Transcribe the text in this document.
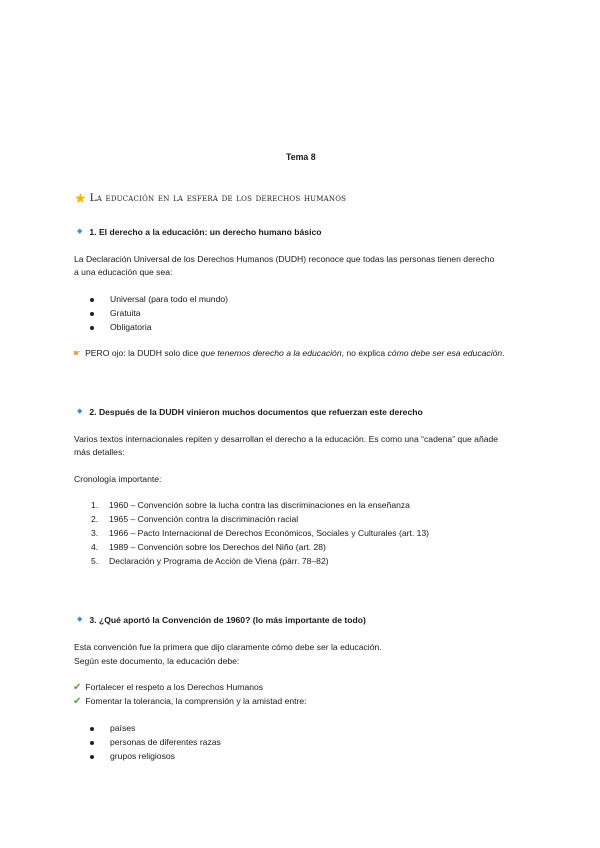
Tema 8
★ La educación en la esfera de los derechos humanos
◆ 1. El derecho a la educación: un derecho humano básico
La Declaración Universal de los Derechos Humanos (DUDH) reconoce que todas las personas tienen derecho
a una educación que sea:
Universal (para todo el mundo)
Gratuita
Obligatoria
☛ PERO ojo: la DUDH solo dice que tenemos derecho a la educación, no explica cómo debe ser esa educación.
◆ 2. Después de la DUDH vinieron muchos documentos que refuerzan este derecho
Varios textos internacionales repiten y desarrollan el derecho a la educación. Es como una “cadena” que añade
más detalles:
Cronología importante:
1. 1960 – Convención sobre la lucha contra las discriminaciones en la enseñanza
2. 1965 – Convención contra la discriminación racial
3. 1966 – Pacto Internacional de Derechos Económicos, Sociales y Culturales (art. 13)
4. 1989 – Convención sobre los Derechos del Niño (art. 28)
5. Declaración y Programa de Acción de Viena (párr. 78–82)
◆ 3. ¿Qué aportó la Convención de 1960? (lo más importante de todo)
Esta convención fue la primera que dijo claramente cómo debe ser la educación.
Según este documento, la educación debe:
✔ Fortalecer el respeto a los Derechos Humanos
✔ Fomentar la tolerancia, la comprensión y la amistad entre:
países
personas de diferentes razas
grupos religiosos
